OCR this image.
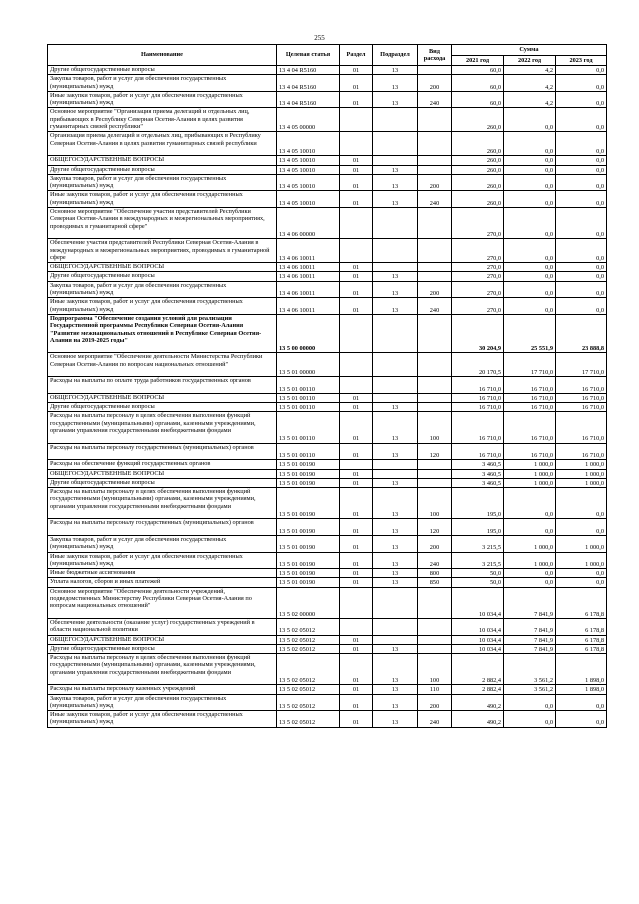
255
Наименование	Целевая статья	Раздел	Подраздел	Вид расхода	Сумма		
					2021 год	2022 год	2023 год
Другие общегосударственные вопросы	13 4 04 R5160	01	13		60,0	4,2	0,0
Закупка товаров, работ и услуг для обеспечения государственных (муниципальных) нужд	13 4 04 R5160	01	13	200	60,0	4,2	0,0
Иные закупки товаров, работ и услуг для обеспечения государственных (муниципальных) нужд	13 4 04 R5160	01	13	240	60,0	4,2	0,0
Основное мероприятие "Организация приема делегаций и отдельных лиц, прибывающих в Республику Северная Осетия-Алания в целях развития гуманитарных связей республики"	13 4 05 00000				260,0	0,0	0,0
Организация приема делегаций и отдельных лиц, прибывающих в Республику Северная Осетия-Алания в целях развития гуманитарных связей республики	13 4 05 10010				260,0	0,0	0,0
ОБЩЕГОСУДАРСТВЕННЫЕ ВОПРОСЫ	13 4 05 10010	01			260,0	0,0	0,0
Другие общегосударственные вопросы	13 4 05 10010	01	13		260,0	0,0	0,0
Закупка товаров, работ и услуг для обеспечения государственных (муниципальных) нужд	13 4 05 10010	01	13	200	260,0	0,0	0,0
Иные закупки товаров, работ и услуг для обеспечения государственных (муниципальных) нужд	13 4 05 10010	01	13	240	260,0	0,0	0,0
Основное мероприятие "Обеспечение участия представителей Республики Северная Осетия-Алания в международных и межрегиональных мероприятиях, проводимых в гуманитарной сфере"	13 4 06 00000				270,0	0,0	0,0
Обеспечение участия представителей Республики Северная Осетия-Алания в международных и межрегиональных мероприятиях, проводимых в гуманитарной сфере	13 4 06 10011				270,0	0,0	0,0
ОБЩЕГОСУДАРСТВЕННЫЕ ВОПРОСЫ	13 4 06 10011	01			270,0	0,0	0,0
Другие общегосударственные вопросы	13 4 06 10011	01	13		270,0	0,0	0,0
Закупка товаров, работ и услуг для обеспечения государственных (муниципальных) нужд	13 4 06 10011	01	13	200	270,0	0,0	0,0
Иные закупки товаров, работ и услуг для обеспечения государственных (муниципальных) нужд	13 4 06 10011	01	13	240	270,0	0,0	0,0
Подпрограмма "Обеспечение создания условий для реализации Государственной программы Республики Северная Осетия-Алания "Развитие межнациональных отношений в Республике Северная Осетия-Алания на 2019-2025 годы"	13 5 00 00000				30 204,9	25 551,9	23 888,8
Основное мероприятие "Обеспечение деятельности Министерства Республики Северная Осетия-Алания по вопросам национальных отношений"	13 5 01 00000				20 170,5	17 710,0	17 710,0
Расходы на выплаты по оплате труда работников государственных органов	13 5 01 00110				16 710,0	16 710,0	16 710,0
ОБЩЕГОСУДАРСТВЕННЫЕ ВОПРОСЫ	13 5 01 00110	01			16 710,0	16 710,0	16 710,0
Другие общегосударственные вопросы	13 5 01 00110	01	13		16 710,0	16 710,0	16 710,0
Расходы на выплаты персоналу в целях обеспечения выполнения функций государственными (муниципальными) органами, казенными учреждениями, органами управления государственными внебюджетными фондами	13 5 01 00110	01	13	100	16 710,0	16 710,0	16 710,0
Расходы на выплаты персоналу государственных (муниципальных) органов	13 5 01 00110	01	13	120	16 710,0	16 710,0	16 710,0
Расходы на обеспечение функций государственных органов	13 5 01 00190				3 460,5	1 000,0	1 000,0
ОБЩЕГОСУДАРСТВЕННЫЕ ВОПРОСЫ	13 5 01 00190	01			3 460,5	1 000,0	1 000,0
Другие общегосударственные вопросы	13 5 01 00190	01	13		3 460,5	1 000,0	1 000,0
Расходы на выплаты персоналу в целях обеспечения выполнения функций государственными (муниципальными) органами, казенными учреждениями, органами управления государственными внебюджетными фондами	13 5 01 00190	01	13	100	195,0	0,0	0,0
Расходы на выплаты персоналу государственных (муниципальных) органов	13 5 01 00190	01	13	120	195,0	0,0	0,0
Закупка товаров, работ и услуг для обеспечения государственных (муниципальных) нужд	13 5 01 00190	01	13	200	3 215,5	1 000,0	1 000,0
Иные закупки товаров, работ и услуг для обеспечения государственных (муниципальных) нужд	13 5 01 00190	01	13	240	3 215,5	1 000,0	1 000,0
Иные бюджетные ассигнования	13 5 01 00190	01	13	800	50,0	0,0	0,0
Уплата налогов, сборов и иных платежей	13 5 01 00190	01	13	850	50,0	0,0	0,0
Основное мероприятие "Обеспечение деятельности учреждений, подведомственных Министерству Республики Северная Осетия-Алания по вопросам национальных отношений"	13 5 02 00000				10 034,4	7 841,9	6 178,8
Обеспечение деятельности (оказание услуг) государственных учреждений в области национальной политики	13 5 02 05012				10 034,4	7 841,9	6 178,8
ОБЩЕГОСУДАРСТВЕННЫЕ ВОПРОСЫ	13 5 02 05012	01			10 034,4	7 841,9	6 178,8
Другие общегосударственные вопросы	13 5 02 05012	01	13		10 034,4	7 841,9	6 178,8
Расходы на выплаты персоналу в целях обеспечения выполнения функций государственными (муниципальными) органами, казенными учреждениями, органами управления государственными внебюджетными фондами	13 5 02 05012	01	13	100	2 882,4	3 561,2	1 898,0
Расходы на выплаты персоналу казенных учреждений	13 5 02 05012	01	13	110	2 882,4	3 561,2	1 898,0
Закупка товаров, работ и услуг для обеспечения государственных (муниципальных) нужд	13 5 02 05012	01	13	200	490,2	0,0	0,0
Иные закупки товаров, работ и услуг для обеспечения государственных (муниципальных) нужд	13 5 02 05012	01	13	240	490,2	0,0	0,0
